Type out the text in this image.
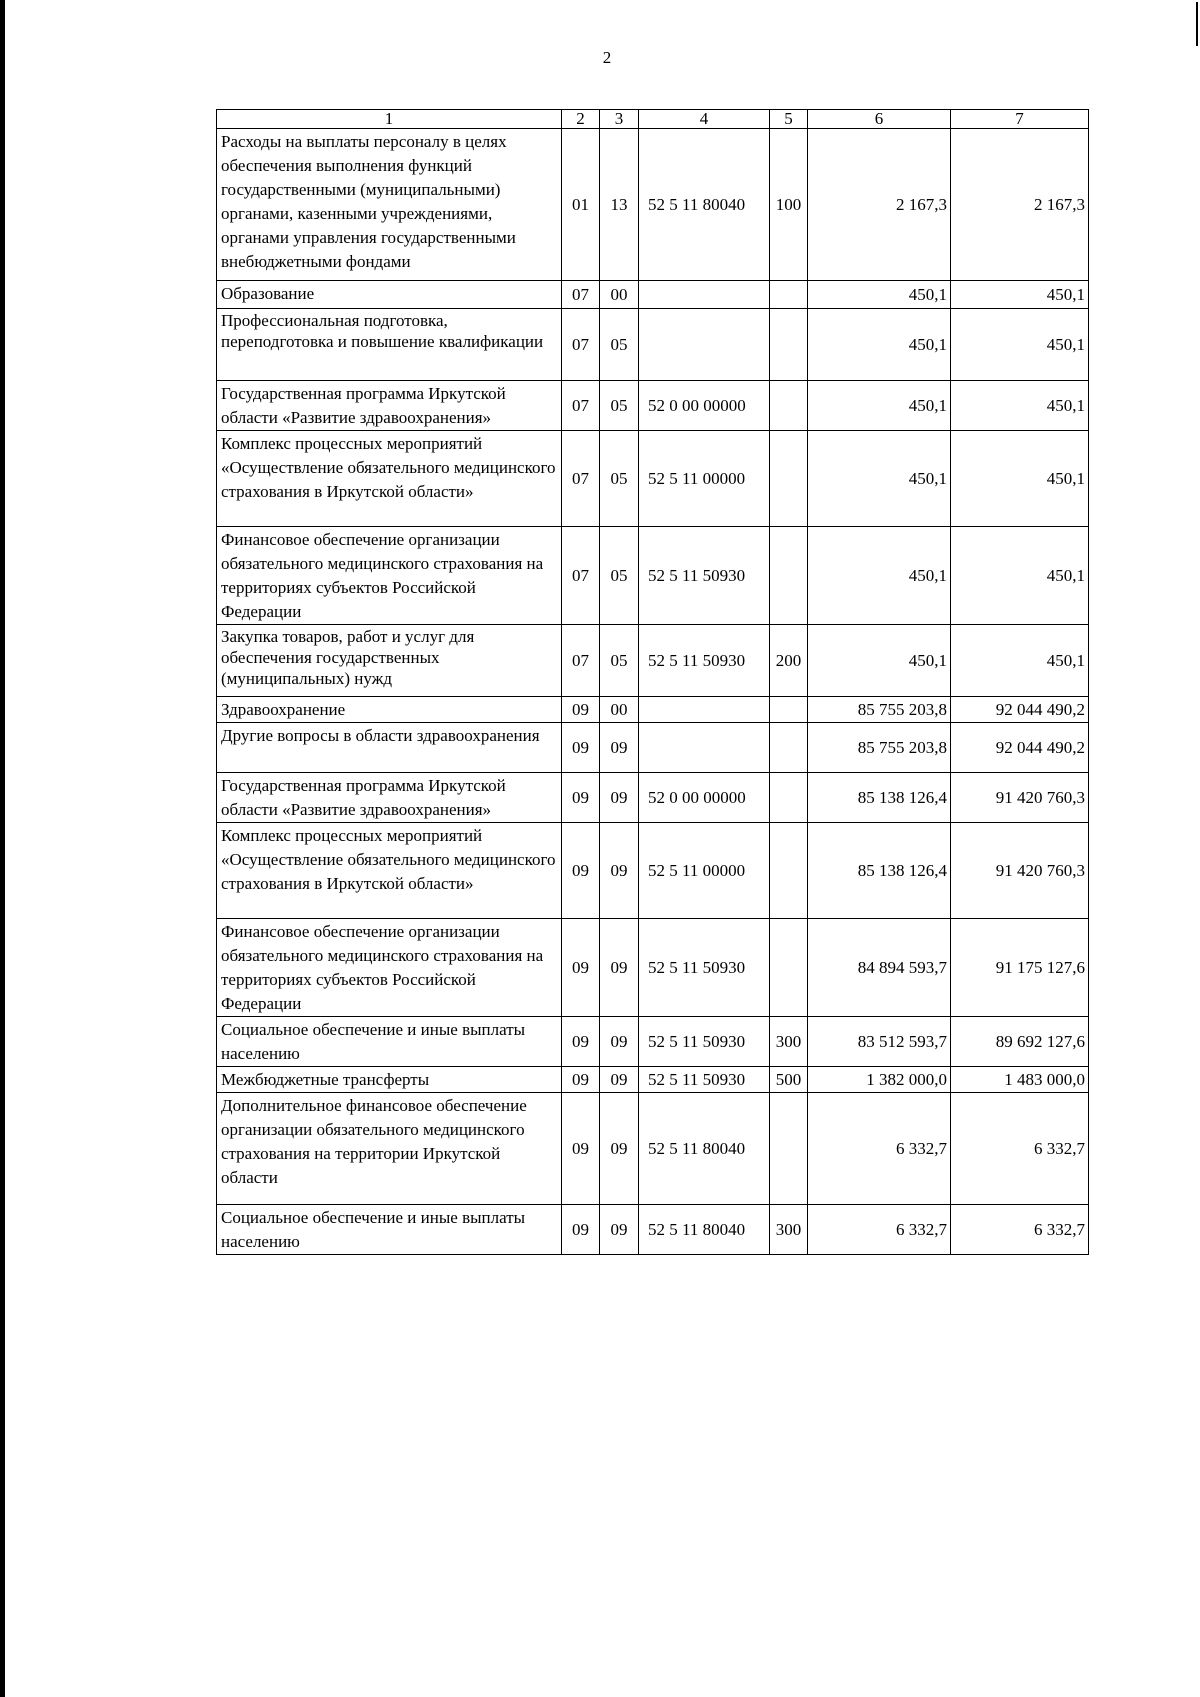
2
1	2	3	4	5	6	7
Расходы на выплаты персоналу в целях обеспечения выполнения функций государственными (муниципальными) органами, казенными учреждениями, органами управления государственными внебюджетными фондами	01	13	52 5 11 80040	100	2 167,3	2 167,3
Образование	07	00			450,1	450,1
Профессиональная подготовка, переподготовка и повышение квалификации	07	05			450,1	450,1
Государственная программа Иркутской области «Развитие здравоохранения»	07	05	52 0 00 00000		450,1	450,1
Комплекс процессных мероприятий «Осуществление обязательного медицинского страхования в Иркутской области»	07	05	52 5 11 00000		450,1	450,1
Финансовое обеспечение организации обязательного медицинского страхования на территориях субъектов Российской Федерации	07	05	52 5 11 50930		450,1	450,1
Закупка товаров, работ и услуг для обеспечения государственных (муниципальных) нужд	07	05	52 5 11 50930	200	450,1	450,1
Здравоохранение	09	00			85 755 203,8	92 044 490,2
Другие вопросы в области здравоохранения	09	09			85 755 203,8	92 044 490,2
Государственная программа Иркутской области «Развитие здравоохранения»	09	09	52 0 00 00000		85 138 126,4	91 420 760,3
Комплекс процессных мероприятий «Осуществление обязательного медицинского страхования в Иркутской области»	09	09	52 5 11 00000		85 138 126,4	91 420 760,3
Финансовое обеспечение организации обязательного медицинского страхования на территориях субъектов Российской Федерации	09	09	52 5 11 50930		84 894 593,7	91 175 127,6
Социальное обеспечение и иные выплаты населению	09	09	52 5 11 50930	300	83 512 593,7	89 692 127,6
Межбюджетные трансферты	09	09	52 5 11 50930	500	1 382 000,0	1 483 000,0
Дополнительное финансовое обеспечение организации обязательного медицинского страхования на территории Иркутской области	09	09	52 5 11 80040		6 332,7	6 332,7
Социальное обеспечение и иные выплаты населению	09	09	52 5 11 80040	300	6 332,7	6 332,7
